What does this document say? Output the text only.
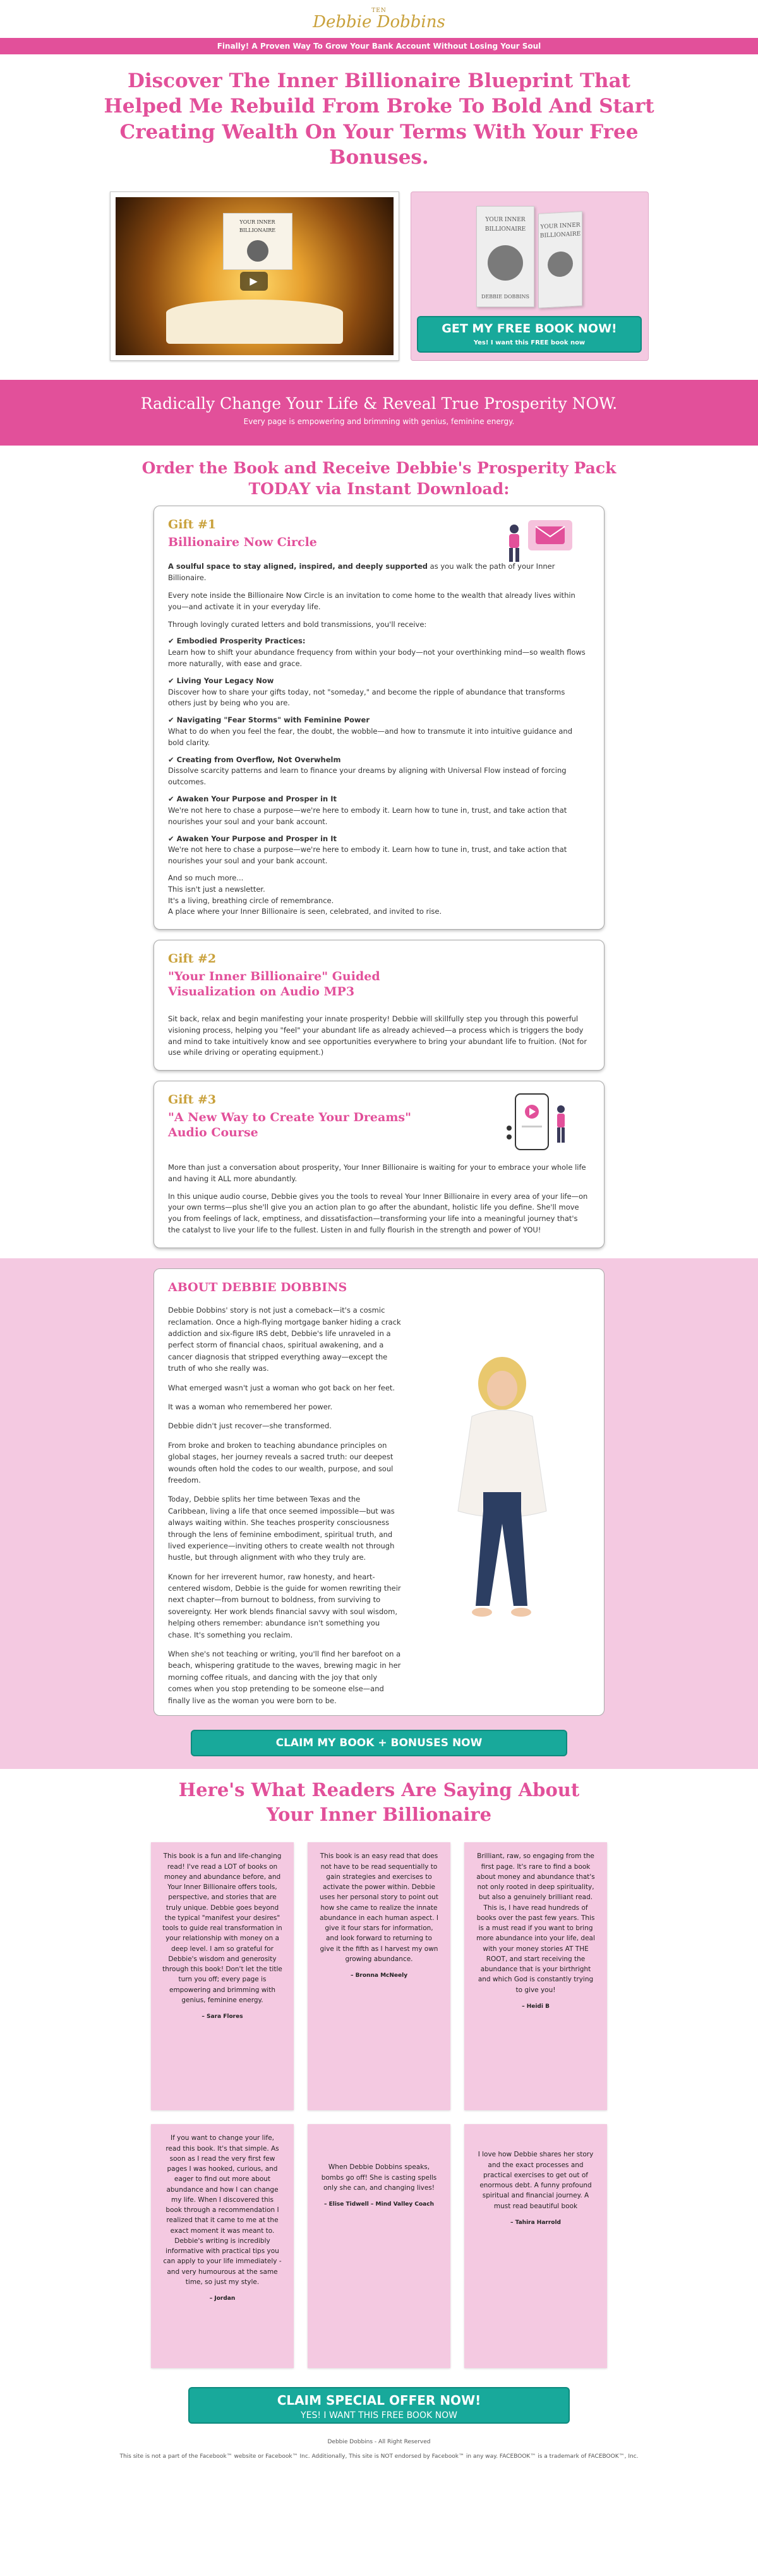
TEN
Debbie Dobbins
Finally! A Proven Way To Grow Your Bank Account Without Losing Your Soul
Discover The Inner Billionaire Blueprint That Helped Me Rebuild From Broke To Bold And Start Creating Wealth On Your Terms With Your Free Bonuses.
YOUR INNER BILLIONAIRE
▶
YOUR INNER BILLIONAIRE
DEBBIE DOBBINS
YOUR INNER BILLIONAIRE
GET MY FREE BOOK NOW!
Yes! I want this FREE book now
Radically Change Your Life & Reveal True Prosperity NOW.

Every page is empowering and brimming with genius, feminine energy.

Order the Book and Receive Debbie's Prosperity Pack TODAY via Instant Download:
Gift #1
Billionaire Now Circle

A soulful space to stay aligned, inspired, and deeply supported as you walk the path of your Inner Billionaire.

Every note inside the Billionaire Now Circle is an invitation to come home to the wealth that already lives within you—and activate it in your everyday life.

Through lovingly curated letters and bold transmissions, you'll receive:

✔ Embodied Prosperity Practices:
Learn how to shift your abundance frequency from within your body—not your overthinking mind—so wealth flows more naturally, with ease and grace.
✔ Living Your Legacy Now
Discover how to share your gifts today, not "someday," and become the ripple of abundance that transforms others just by being who you are.
✔ Navigating "Fear Storms" with Feminine Power
What to do when you feel the fear, the doubt, the wobble—and how to transmute it into intuitive guidance and bold clarity.
✔ Creating from Overflow, Not Overwhelm
Dissolve scarcity patterns and learn to finance your dreams by aligning with Universal Flow instead of forcing outcomes.
✔ Awaken Your Purpose and Prosper in It
We're not here to chase a purpose—we're here to embody it. Learn how to tune in, trust, and take action that nourishes your soul and your bank account.
✔ Awaken Your Purpose and Prosper in It
We're not here to chase a purpose—we're here to embody it. Learn how to tune in, trust, and take action that nourishes your soul and your bank account.
And so much more...
This isn't just a newsletter.
It's a living, breathing circle of remembrance.
A place where your Inner Billionaire is seen, celebrated, and invited to rise.
Gift #2
"Your Inner Billionaire" Guided Visualization on Audio MP3

Sit back, relax and begin manifesting your innate prosperity! Debbie will skillfully step you through this powerful visioning process, helping you "feel" your abundant life as already achieved—a process which is triggers the body and mind to take intuitively know and see opportunities everywhere to bring your abundant life to fruition. (Not for use while driving or operating equipment.)

Gift #3
"A New Way to Create Your Dreams" Audio Course

More than just a conversation about prosperity, Your Inner Billionaire is waiting for your to embrace your whole life and having it ALL more abundantly.

In this unique audio course, Debbie gives you the tools to reveal Your Inner Billionaire in every area of your life—on your own terms—plus she'll give you an action plan to go after the abundant, holistic life you define. She'll move you from feelings of lack, emptiness, and dissatisfaction—transforming your life into a meaningful journey that's the catalyst to live your life to the fullest. Listen in and fully flourish in the strength and power of YOU!

ABOUT DEBBIE DOBBINS

Debbie Dobbins' story is not just a comeback—it's a cosmic reclamation. Once a high-flying mortgage banker hiding a crack addiction and six-figure IRS debt, Debbie's life unraveled in a perfect storm of financial chaos, spiritual awakening, and a cancer diagnosis that stripped everything away—except the truth of who she really was.

What emerged wasn't just a woman who got back on her feet.

It was a woman who remembered her power.

Debbie didn't just recover—she transformed.

From broke and broken to teaching abundance principles on global stages, her journey reveals a sacred truth: our deepest wounds often hold the codes to our wealth, purpose, and soul freedom.

Today, Debbie splits her time between Texas and the Caribbean, living a life that once seemed impossible—but was always waiting within. She teaches prosperity consciousness through the lens of feminine embodiment, spiritual truth, and lived experience—inviting others to create wealth not through hustle, but through alignment with who they truly are.

Known for her irreverent humor, raw honesty, and heart-centered wisdom, Debbie is the guide for women rewriting their next chapter—from burnout to boldness, from surviving to sovereignty. Her work blends financial savvy with soul wisdom, helping others remember: abundance isn't something you chase. It's something you reclaim.

When she's not teaching or writing, you'll find her barefoot on a beach, whispering gratitude to the waves, brewing magic in her morning coffee rituals, and dancing with the joy that only comes when you stop pretending to be someone else—and finally live as the woman you were born to be.

CLAIM MY BOOK + BONUSES NOW
Here's What Readers Are Saying About Your Inner Billionaire
This book is a fun and life-changing read! I've read a LOT of books on money and abundance before, and Your Inner Billionaire offers tools, perspective, and stories that are truly unique. Debbie goes beyond the typical "manifest your desires" tools to guide real transformation in your relationship with money on a deep level. I am so grateful for Debbie's wisdom and generosity through this book! Don't let the title turn you off; every page is empowering and brimming with genius, feminine energy.
– Sara Flores
This book is an easy read that does not have to be read sequentially to gain strategies and exercises to activate the power within. Debbie uses her personal story to point out how she came to realize the innate abundance in each human aspect. I give it four stars for information, and look forward to returning to give it the fifth as I harvest my own growing abundance.
– Bronna McNeely
Brilliant, raw, so engaging from the first page. It's rare to find a book about money and abundance that's not only rooted in deep spirituality, but also a genuinely brilliant read. This is, I have read hundreds of books over the past few years. This is a must read if you want to bring more abundance into your life, deal with your money stories AT THE ROOT, and start receiving the abundance that is your birthright and which God is constantly trying to give you!
– Heidi B
If you want to change your life, read this book. It's that simple. As soon as I read the very first few pages I was hooked, curious, and eager to find out more about abundance and how I can change my life. When I discovered this book through a recommendation I realized that it came to me at the exact moment it was meant to. Debbie's writing is incredibly informative with practical tips you can apply to your life immediately - and very humourous at the same time, so just my style.
– Jordan
When Debbie Dobbins speaks, bombs go off! She is casting spells only she can, and changing lives!
– Elise Tidwell – Mind Valley Coach
I love how Debbie shares her story and the exact processes and practical exercises to get out of enormous debt. A funny profound spiritual and financial journey. A must read beautiful book
– Tahira Harrold
CLAIM SPECIAL OFFER NOW!
YES! I WANT THIS FREE BOOK NOW
Debbie Dobbins - All Right Reserved
This site is not a part of the Facebook™ website or Facebook™ Inc. Additionally, This site is NOT endorsed by Facebook™ in any way. FACEBOOK™ is a trademark of FACEBOOK™, Inc.
